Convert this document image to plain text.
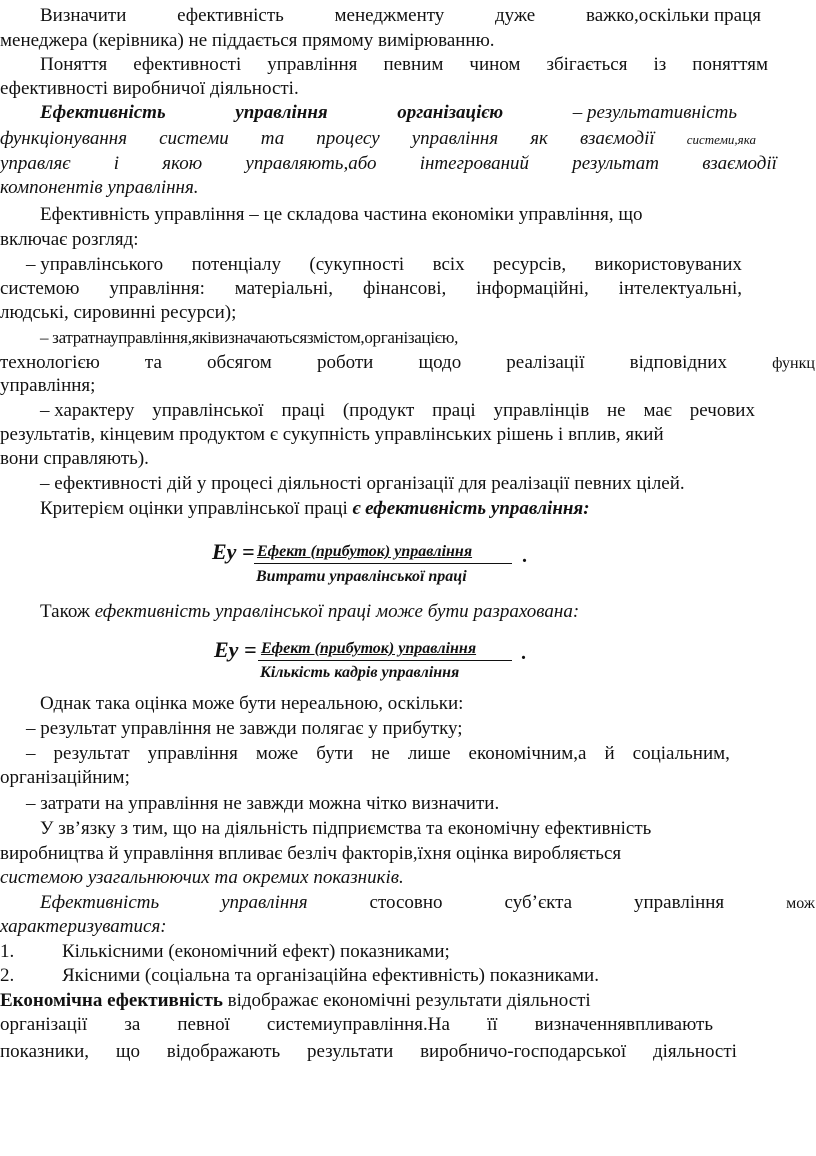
Визначити	ефективність	менеджменту	дуже	важко,оскільки праця
менеджера (керівника) не піддається прямому вимірюванню.
Поняття ефективності управління певним чином збігається із поняттям
ефективності виробничої діяльності.
Ефективність	управління	організацією	– результативність
функціонування системи та процесу управління як взаємодії системи,яка
управляє і якою управляють,або інтегрований результат взаємодії
компонентів управління.
Ефективність управління – це складова частина економіки управління, що
включає розгляд:
– управлінського потенціалу (сукупності всіх ресурсів, використовуваних
системою управління: матеріальні, фінансові, інформаційні, інтелектуальні,
людські, сировинні ресурси);
– затратнауправління,яківизначаютьсязмістом,організацією,
технологією та обсягом роботи щодо реалізації відповідних	функц
управління;
– характеру управлінської праці (продукт праці управлінців не має речових
результатів, кінцевим продуктом є сукупність управлінських рішень і вплив, який
вони справляють).
– ефективності дій у процесі діяльності організації для реалізації певних цілей.
Критерієм оцінки управлінської праці є ефективність управління:
Еу = Ефект (прибуток) управління .
Витрати управлінської праці
Також ефективність управлінської праці може бути разрахована:
Еу = Ефект (прибуток) управління .
Кількість кадрів управління
Однак така оцінка може бути нереальною, оскільки:
– результат управління не завжди полягає у прибутку;
– результат управління може бути не лише економічним,а й соціальним,
організаційним;
– затрати на управління не завжди можна чітко визначити.
У зв’язку з тим, що на діяльність підприємства та економічну ефективність
виробництва й управління впливає безліч факторів,їхня оцінка виробляється
системою узагальнюючих та окремих показників.
Ефективність	управління	стосовно	суб’єкта	управління	мож
характеризуватися:
1.	Кількісними (економічний ефект) показниками;
2.	Якісними (соціальна та організаційна ефективність) показниками.
Економічна ефективність відображає економічні результати діяльності
організації за певної системиуправління.На її визначеннявпливають
показники, що відображають результати виробничо-господарської діяльності
